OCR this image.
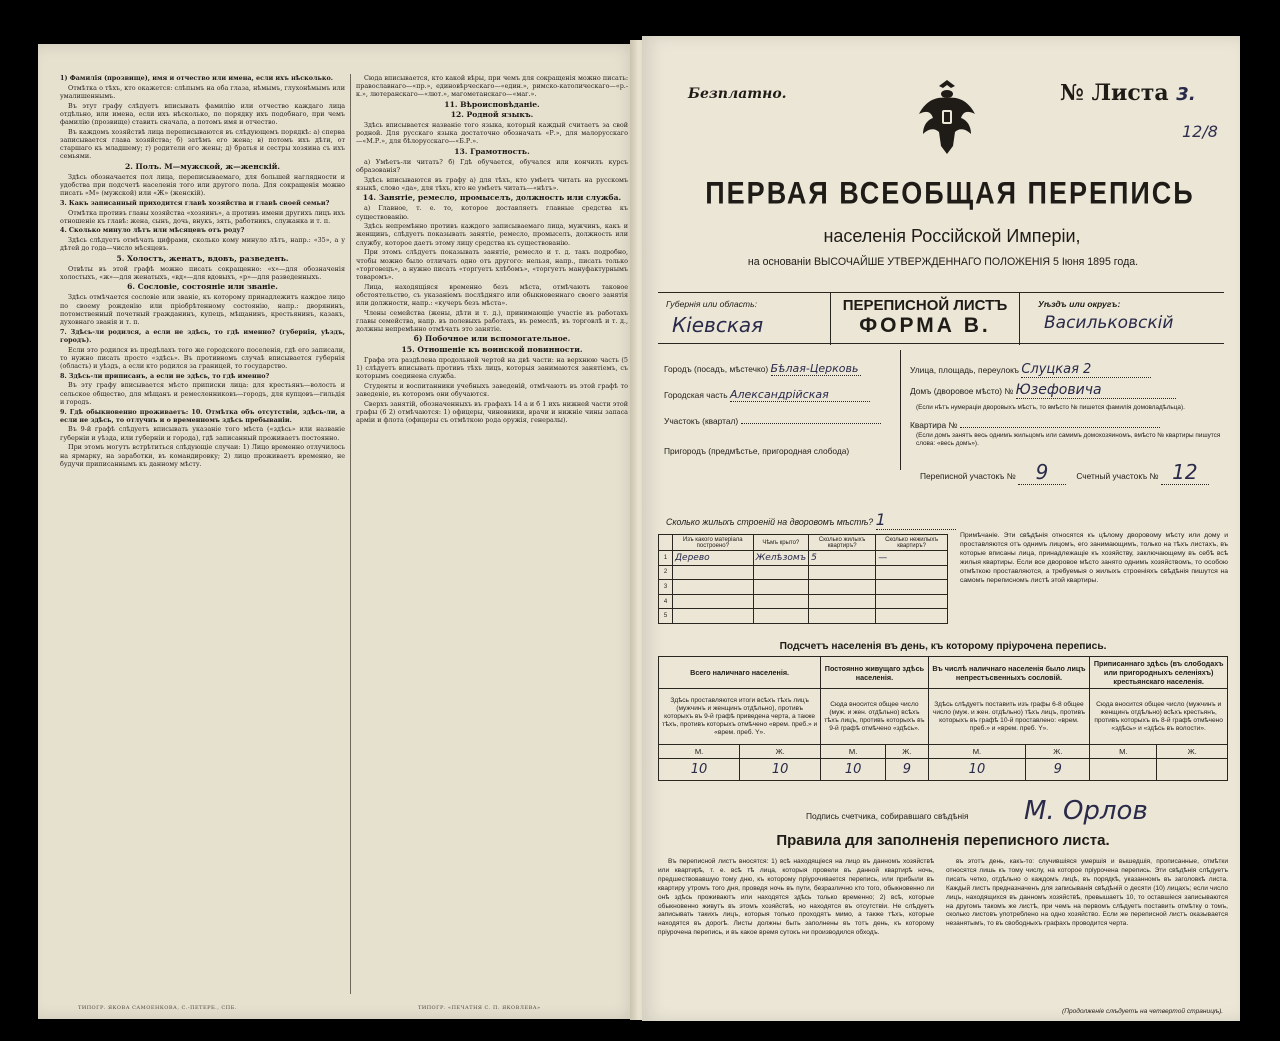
1) Фамилія (прозвище), имя и отчество или имена, если ихъ нѣсколько.

Отмѣтка о тѣхъ, кто окажется: слѣпымъ на оба глаза, нѣмымъ, глухонѣмымъ или умалишеннымъ.

Въ этут графу слѣдуетъ вписывать фамилію или отчество каждаго лица отдѣльно, или имена, если ихъ нѣсколько, по порядку ихъ подобнаго, при чемъ фамилію (прозвище) ставить сначала, а потомъ имя и отчество.

Въ каждомъ хозяйствѣ лица переписываются въ слѣдующемъ порядкѣ: а) сперва записывается глава хозяйства; б) затѣмъ его жена; в) потомъ ихъ дѣти, от старшаго къ младшему; г) родители его жены; д) братья и сестры хозяина съ ихъ семьями.

2. Полъ. М—мужской, ж—женскій.

Здѣсь обозначается пол лица, переписываемаго, для большей наглядности и удобства при подсчетѣ населенія того или другого пола. Для сокращенія можно писать «М» (мужской) или «Ж» (женскій).

3. Какъ записанный приходится главѣ хозяйства и главѣ своей семьи?

Отмѣтка противъ главы хозяйства «хозяинъ», а противъ имени другихъ лицъ ихъ отношеніе къ главѣ: жена, сынъ, дочь, внукъ, зять, работникъ, служанка и т. п.

4. Сколько минуло лѣтъ или мѣсяцевъ отъ роду?

Здѣсь слѣдуетъ отмѣчать цифрами, сколько кому минуло лѣтъ, напр.: «35», а у дѣтей до года—число мѣсяцевъ.

5. Холостъ, женатъ, вдовъ, разведенъ.

Отвѣты въ этой графѣ можно писать сокращенно: «х»—для обозначенія холостыхъ, «ж»—для женатыхъ, «вд»—для вдовыхъ, «р»—для разведенныхъ.

6. Сословіе, состояніе или званіе.

Здѣсь отмѣчается сословіе или званіе, къ которому принадлежитъ каждое лицо по своему рожденію или пріобрѣтенному состоянію, напр.: дворянинъ, потомственный почетный гражданинъ, купецъ, мѣщанинъ, крестьянинъ, казакъ, духовнаго званія и т. п.

7. Здѣсь-ли родился, а если не здѣсь, то гдѣ именно? (губернія, уѣздъ, городъ).

Если это родился въ предѣлахъ того же городского поселенія, гдѣ его записали, то нужно писать просто «здѣсь». Въ противномъ случаѣ вписывается губернія (область) и уѣздъ, а если кто родился за границей, то государство.

8. Здѣсь-ли приписанъ, а если не здѣсь, то гдѣ именно?

Въ эту графу вписывается мѣсто приписки лица: для крестьянъ—волость и сельское общество, для мѣщанъ и ремесленниковъ—городъ, для купцовъ—гильдія и городъ.

9. Гдѣ обыкновенно проживаетъ: 10. Отмѣтка объ отсутствіи, здѣсь-ли, а если не здѣсь, то отлучнъ и о временномъ здѣсь пребываніи.

Въ 9-й графѣ слѣдуетъ вписывать указаніе того мѣста («здѣсь» или названіе губерніи и уѣзда, или губерніи и города), гдѣ записанный проживаетъ постоянно.

При этомъ могутъ встрѣтиться слѣдующіе случаи: 1) Лицо временно отлучилось на ярмарку, на заработки, въ командировку; 2) лицо проживаетъ временно, не будучи приписаннымъ къ данному мѣсту.

Сюда вписывается, кто какой вѣры, при чемъ для сокращенія можно писать: православнаго—«пр.», единовѣрческаго—«един.», римско-католическаго—«р.-к.», лютеранскаго—«лют.», магометанскаго—«маг.».

11. Вѣроисповѣданіе.
12. Родной языкъ.

Здѣсь вписывается названіе того языка, который каждый считаетъ за свой родной. Для русскаго языка достаточно обозначать «Р.», для малорусскаго—«М.Р.», для бѣлорусскаго—«Б.Р.».

13. Грамотность.

а) Умѣетъ-ли читать? б) Гдѣ обучается, обучался или кончилъ курсъ образованія?

Здѣсь вписываются въ графу а) для тѣхъ, кто умѣетъ читать на русскомъ языкѣ, слово «да», для тѣхъ, кто не умѣетъ читать—«нѣтъ».

14. Занятіе, ремесло, промыселъ, должность или служба.

а) Главное, т. е. то, которое доставляетъ главные средства къ существованію.

Здѣсь непремѣнно противъ каждого записываемаго лица, мужчинъ, какъ и женщинъ, слѣдуетъ показывать занятіе, ремесло, промыселъ, должность или службу, которое даетъ этому лицу средства къ существованію.

При этомъ слѣдуетъ показывать занятіе, ремесло и т. д. такъ подробно, чтобы можно было отличать одно отъ другого: нельзя, напр., писать только «торговецъ», а нужно писать «торгуетъ хлѣбомъ», «торгуетъ мануфактурнымъ товаромъ».

Лица, находящіяся временно безъ мѣста, отмѣчаютъ таковое обстоятельство, съ указаніемъ послѣдняго или обыкновеннаго своего занятія или должности, напр.: «кучеръ безъ мѣста».

Члены семейства (жены, дѣти и т. д.), принимающіе участіе въ работахъ главы семейства, напр. въ полевыхъ работахъ, въ ремеслѣ, въ торговлѣ и т. д., должны непремѣнно отмѣчать это занятіе.

б) Побочное или вспомогательное.
15. Отношеніе къ воинской повинности.

Графа эта раздѣлена продольной чертой на двѣ части: на верхнюю часть (5 1) слѣдуетъ вписывать противъ тѣхъ лицъ, которыя занимаются занятіемъ, съ которымъ соединена служба.

Студенты и воспитанники учебныхъ заведеній, отмѣчаютъ въ этой графѣ то заведеніе, въ которомъ они обучаются.

Сверхъ занятій, обозначенныхъ въ графахъ 14 а и б 1 ихъ нижней части этой графы (6 2) отмѣчаются: 1) офицеры, чиновники, врачи и нижніе чины запаса арміи и флота (офицеры съ отмѣткою рода оружія, генералы).

ТИПОГР. ЯКОВА САМОЕНКОВА, С.-ПЕТЕРБ., СПБ.	ТИПОГР. «ПЕЧАТНЯ С. П. ЯКОВЛЕВА»
Безплатно.	№ Листа 3.
12/8
ПЕРВАЯ ВСЕОБЩАЯ ПЕРЕПИСЬ
населенія Россійской Имперіи,
на основаніи ВЫСОЧАЙШЕ УТВЕРЖДЕННАГО ПОЛОЖЕНІЯ 5 Іюня 1895 года.
Губернія или область:
Кіевская
ПЕРЕПИСНОЙ ЛИСТЪ
ФОРМА В.
Уѣздъ или округъ:
Васильковскій
Городъ (посадъ, мѣстечко) Бѣлая-Церковь
Городская часть Александрійская
Участокъ (квартал)
Пригородъ (предмѣстье, пригородная слобода)
Улица, площадь, переулокъ Слуцкая 2
Домъ (дворовое мѣсто) № Юзефовича
(Если нѣтъ нумераціи дворовыхъ мѣстъ, то вмѣсто № пишется фамилія домовладѣльца).
Квартира №
(Если домъ занятъ весь однимъ жильцомъ или самимъ домохозяиномъ, вмѣсто № квартиры пишутся слова: «весь домъ»).
Переписной участокъ № 9	Счетный участокъ № 12
Сколько жилыхъ строеній на дворовомъ мѣстѣ? 1
	Изъ какого матеріала построено?	Чѣмъ крыто?	Сколько жилыхъ квартиръ?	Сколько нежилыхъ квартиръ?
1	Дерево	Желѣзомъ	5	—
2				
3				
4				
5				
Примѣчаніе. Эти свѣдѣнія относятся къ цѣлому дворовому мѣсту или дому и проставляются отъ однимъ лицомъ, его занимающимъ, только на тѣхъ листахъ, въ которые вписаны лица, принадлежащіе къ хозяйству, заключающему въ себѣ всѣ жилыя квартиры. Если все дворовое мѣсто занято однимъ хозяйствомъ, то особою отмѣткою проставляются, а требуемыя о жилыхъ строеніяхъ свѣдѣнія пишутся на самомъ переписномъ листѣ этой квартиры.
Подсчетъ населенія въ день, къ которому пріурочена перепись.
Всего наличнаго населенія.		Постоянно живущаго здѣсь населенія.		Въ числѣ наличнаго населенія было лицъ непрестъсвенныхъ сословій.		Приписаннаго здѣсь (въ слободахъ или пригородныхъ селеніяхъ) крестьянскаго населенія.	
Здѣсь проставляются итоги всѣхъ тѣхъ лицъ (мужчинъ и женщинъ отдѣльно), противъ которыхъ въ 9-й графѣ приведена черта, а также тѣхъ, противъ которыхъ отмѣчено «врем. преб.» и «врем. преб. Y».		Сюда вносится общее число (муж. и жен. отдѣльно) всѣхъ тѣхъ лицъ, противъ которыхъ въ 9-й графѣ отмѣчено «здѣсь».		Здѣсь слѣдуетъ поставить изъ графы 6-8 общее число (муж. и жен. отдѣльно) тѣхъ лицъ, противъ которыхъ въ графѣ 10-й проставлено: «врем. преб.» и «врем. преб. Y».		Сюда вносится общее число (мужчинъ и женщинъ отдѣльно) всѣхъ крестьянъ, противъ которыхъ въ 8-й графѣ отмѣчено «здѣсь» и «здѣсь въ волости».	
М.	Ж.	М.	Ж.	М.	Ж.	М.	Ж.
10	10	10	9	10	9		
Подпись счетчика, собиравшаго свѣдѣнія М. Орлов
Правила для заполненія переписного листа.

Въ переписной листъ вносятся: 1) всѣ находящіеся на лицо въ данномъ хозяйствѣ или квартирѣ, т. е. всѣ тѣ лица, которыя провели въ данной квартирѣ ночь, предшествовавшую тому дню, къ которому пріурочивается перепись, или прибыли въ квартиру утромъ того дня, проведя ночь въ пути, безразлично кто того, обыкновенно ли онѣ здѣсь проживаютъ или находятся здѣсь только временно; 2) всѣ, которые обыкновенно живутъ въ этомъ хозяйствѣ, но находятся въ отсутствіи. Не слѣдуетъ записывать такихъ лицъ, которыя только проходятъ мимо, а также тѣхъ, которые находятся въ дорогѣ. Листы должны быть заполнены въ тотъ день, къ которому пріурочена перепись, и въ какое время сутокъ ни производился обходъ.

въ этотъ день, какъ-то: случившіяся умершія и вышедшія, прописанные, отмѣтки относятся лишь къ тому числу, на которое пріурочена перепись. Эти свѣдѣнія слѣдуетъ писать четко, отдѣльно о каждомъ лицѣ, въ порядкѣ, указанномъ въ заголовкѣ листа. Каждый листъ предназначенъ для записыванія свѣдѣній о десяти (10) лицахъ; если число лицъ, находящихся въ данномъ хозяйствѣ, превышаетъ 10, то оставшіеся записываются на другомъ такомъ же листѣ, при чемъ на первомъ слѣдуетъ поставить отмѣтку о томъ, сколько листовъ употреблено на одно хозяйство. Если же переписной листъ оказывается незанятымъ, то въ свободныхъ графахъ проводится черта.

(Продолженіе слѣдуетъ на четвертой страницѣ).
